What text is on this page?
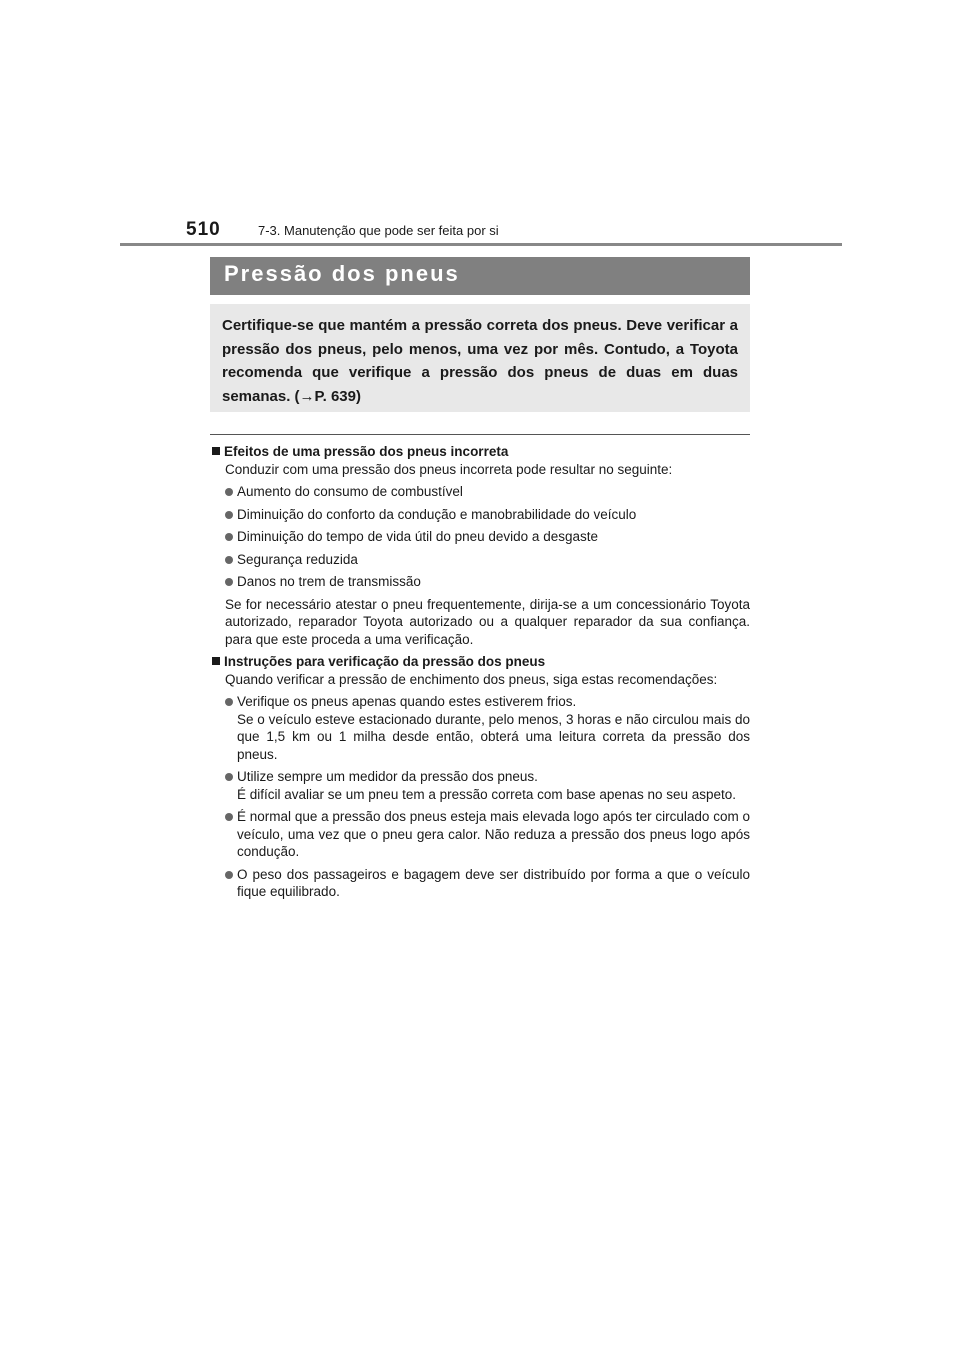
510	7-3. Manutenção que pode ser feita por si
Pressão dos pneus
Certifique-se que mantém a pressão correta dos pneus. Deve verificar a pressão dos pneus, pelo menos, uma vez por mês. Contudo, a Toyota recomenda que verifique a pressão dos pneus de duas em duas semanas. (→P. 639)
Efeitos de uma pressão dos pneus incorreta
Conduzir com uma pressão dos pneus incorreta pode resultar no seguinte:
Aumento do consumo de combustível
Diminuição do conforto da condução e manobrabilidade do veículo
Diminuição do tempo de vida útil do pneu devido a desgaste
Segurança reduzida
Danos no trem de transmissão
Se for necessário atestar o pneu frequentemente, dirija-se a um concessionário Toyota autorizado, reparador Toyota autorizado ou a qualquer reparador da sua confiança. para que este proceda a uma verificação.
Instruções para verificação da pressão dos pneus
Quando verificar a pressão de enchimento dos pneus, siga estas recomendações:
Verifique os pneus apenas quando estes estiverem frios.
Se o veículo esteve estacionado durante, pelo menos, 3 horas e não circulou mais do que 1,5 km ou 1 milha desde então, obterá uma leitura correta da pressão dos pneus.
Utilize sempre um medidor da pressão dos pneus.
É difícil avaliar se um pneu tem a pressão correta com base apenas no seu aspeto.
É normal que a pressão dos pneus esteja mais elevada logo após ter circulado com o veículo, uma vez que o pneu gera calor. Não reduza a pressão dos pneus logo após condução.
O peso dos passageiros e bagagem deve ser distribuído por forma a que o veículo fique equilibrado.
